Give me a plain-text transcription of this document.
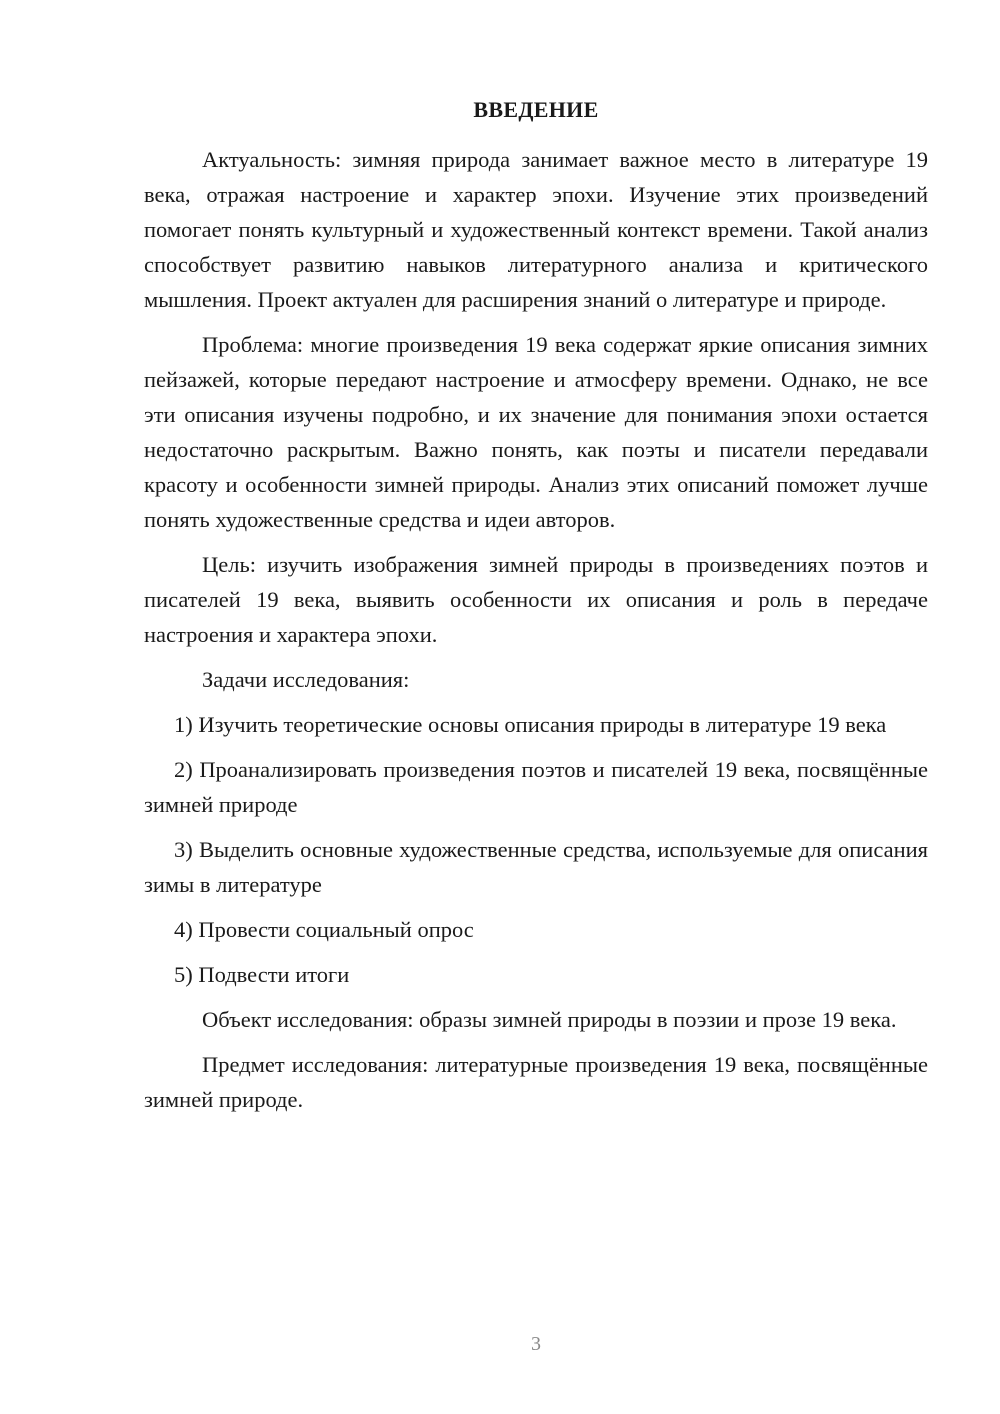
ВВЕДЕНИЕ

Актуальность: зимняя природа занимает важное место в литературе 19 века, отражая настроение и характер эпохи. Изучение этих произведений помогает понять культурный и художественный контекст времени. Такой анализ способствует развитию навыков литературного анализа и критического мышления. Проект актуален для расширения знаний о литературе и природе.

Проблема: многие произведения 19 века содержат яркие описания зимних пейзажей, которые передают настроение и атмосферу времени. Однако, не все эти описания изучены подробно, и их значение для понимания эпохи остается недостаточно раскрытым. Важно понять, как поэты и писатели передавали красоту и особенности зимней природы. Анализ этих описаний поможет лучше понять художественные средства и идеи авторов.

Цель: изучить изображения зимней природы в произведениях поэтов и писателей 19 века, выявить особенности их описания и роль в передаче настроения и характера эпохи.

Задачи исследования:

1) Изучить теоретические основы описания природы в литературе 19 века

2) Проанализировать произведения поэтов и писателей 19 века, посвящённые зимней природе

3) Выделить основные художественные средства, используемые для описания зимы в литературе

4) Провести социальный опрос

5) Подвести итоги

Объект исследования: образы зимней природы в поэзии и прозе 19 века.

Предмет исследования: литературные произведения 19 века, посвящённые зимней природе.

3
